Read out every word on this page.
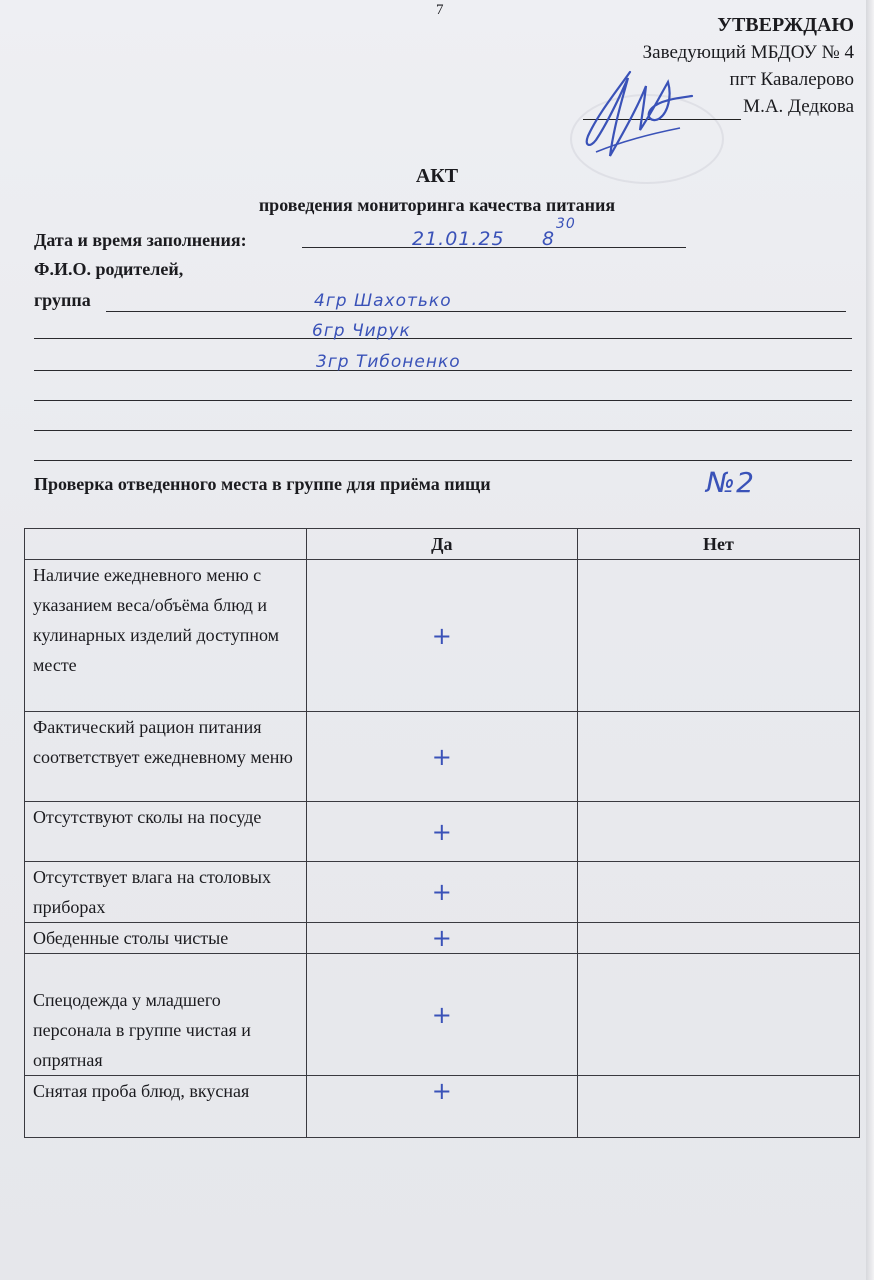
7
УТВЕРЖДАЮ
Заведующий МБДОУ № 4
пгт Кавалерово
М.А. Дедкова
АКТ
проведения мониторинга качества питания
Дата и время заполнения:	21.01.25 8
30
Ф.И.О. родителей,
группа	4гр Шахотько
6гр Чирук
3гр Тибоненко
Проверка отведенного места в группе для приёма пищи	№2
	Да	Нет
Наличие ежедневного меню с указанием веса/объёма блюд и кулинарных изделий доступном месте	+	
Фактический рацион питания соответствует ежедневному меню	+	
Отсутствуют сколы на посуде	+	
Отсутствует влага на столовых приборах	+	
Обеденные столы чистые	+	
Спецодежда у младшего персонала в группе чистая и опрятная	+	
Снятая проба блюд, вкусная	+	
